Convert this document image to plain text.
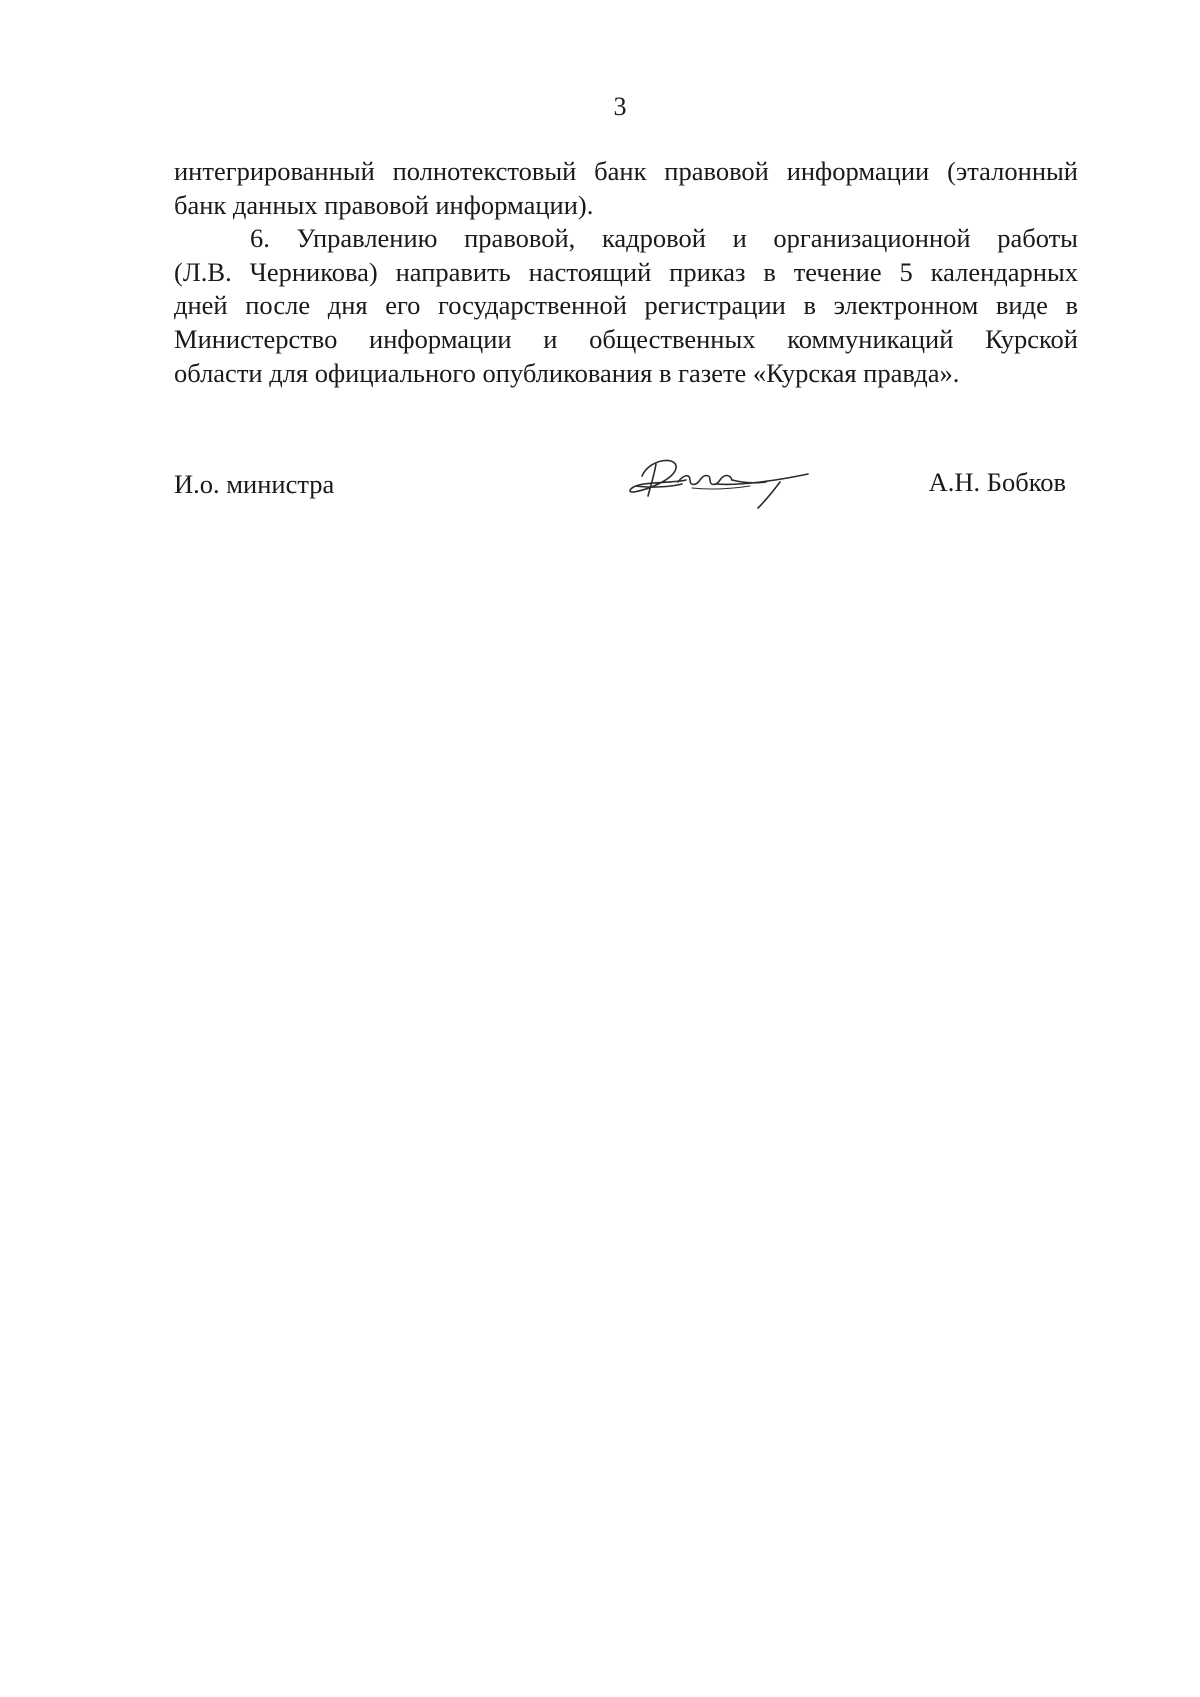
3
интегрированный полнотекстовый банк правовой информации (эталонный
банк данных правовой информации).
6. Управлению правовой, кадровой и организационной работы
(Л.В. Черникова) направить настоящий приказ в течение 5 календарных
дней после дня его государственной регистрации в электронном виде в
Министерство информации и общественных коммуникаций Курской
области для официального опубликования в газете «Курская правда».
И.о. министра	А.Н. Бобков
